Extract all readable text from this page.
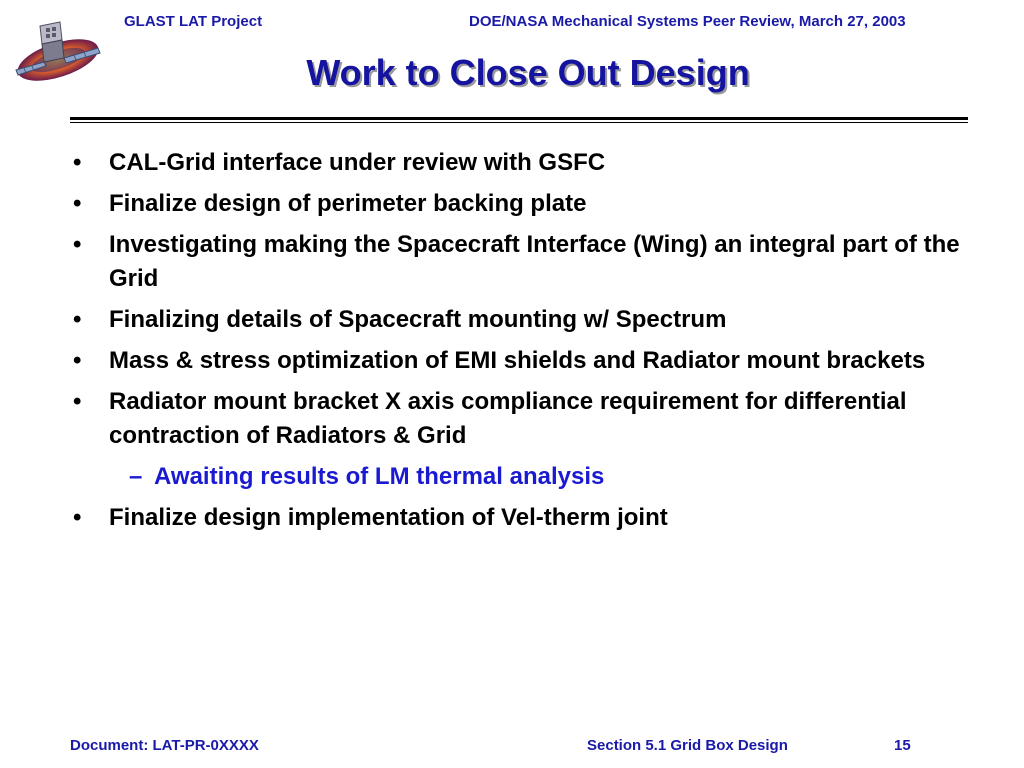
GLAST LAT Project	DOE/NASA Mechanical Systems Peer Review, March 27, 2003
Work to Close Out Design
• CAL-Grid interface under review with GSFC
• Finalize design of perimeter backing plate
• Investigating making the Spacecraft Interface (Wing) an integral part of the Grid
• Finalizing details of Spacecraft mounting w/ Spectrum
• Mass & stress optimization of EMI shields and Radiator mount brackets
• Radiator mount bracket X axis compliance requirement for differential contraction of Radiators & Grid
– Awaiting results of LM thermal analysis
• Finalize design implementation of Vel-therm joint
Document: LAT-PR-0XXXX	Section 5.1 Grid Box Design	15
